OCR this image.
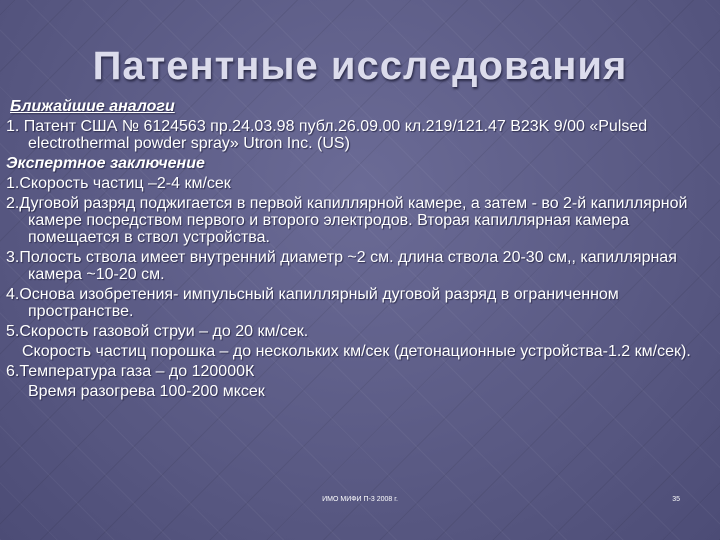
Патентные исследования

Ближайшие аналоги

1. Патент США № 6124563 пр.24.03.98 публ.26.09.00 кл.219/121.47 B23K 9/00 «Pulsed electrothermal powder spray» Utron Inc. (US)

Экспертное заключение

1.Скорость частиц –2-4 км/сек

2.Дуговой разряд поджигается в первой капиллярной камере, а затем - во 2-й капиллярной камере посредством первого и второго электродов. Вторая капиллярная камера помещается в ствол устройства.

3.Полость ствола имеет внутренний диаметр ~2 см. длина ствола 20-30 см,, капиллярная камера ~10-20 см.

4.Основа изобретения- импульсный капиллярный дуговой разряд в ограниченном пространстве.

5.Скорость газовой струи – до 20 км/сек.

Скорость частиц порошка – до нескольких км/сек (детонационные устройства-1.2 км/сек).

6.Температура газа – до 120000К

Время разогрева 100-200 мксек

ИМО МИФИ П-3 2008 г.	35
